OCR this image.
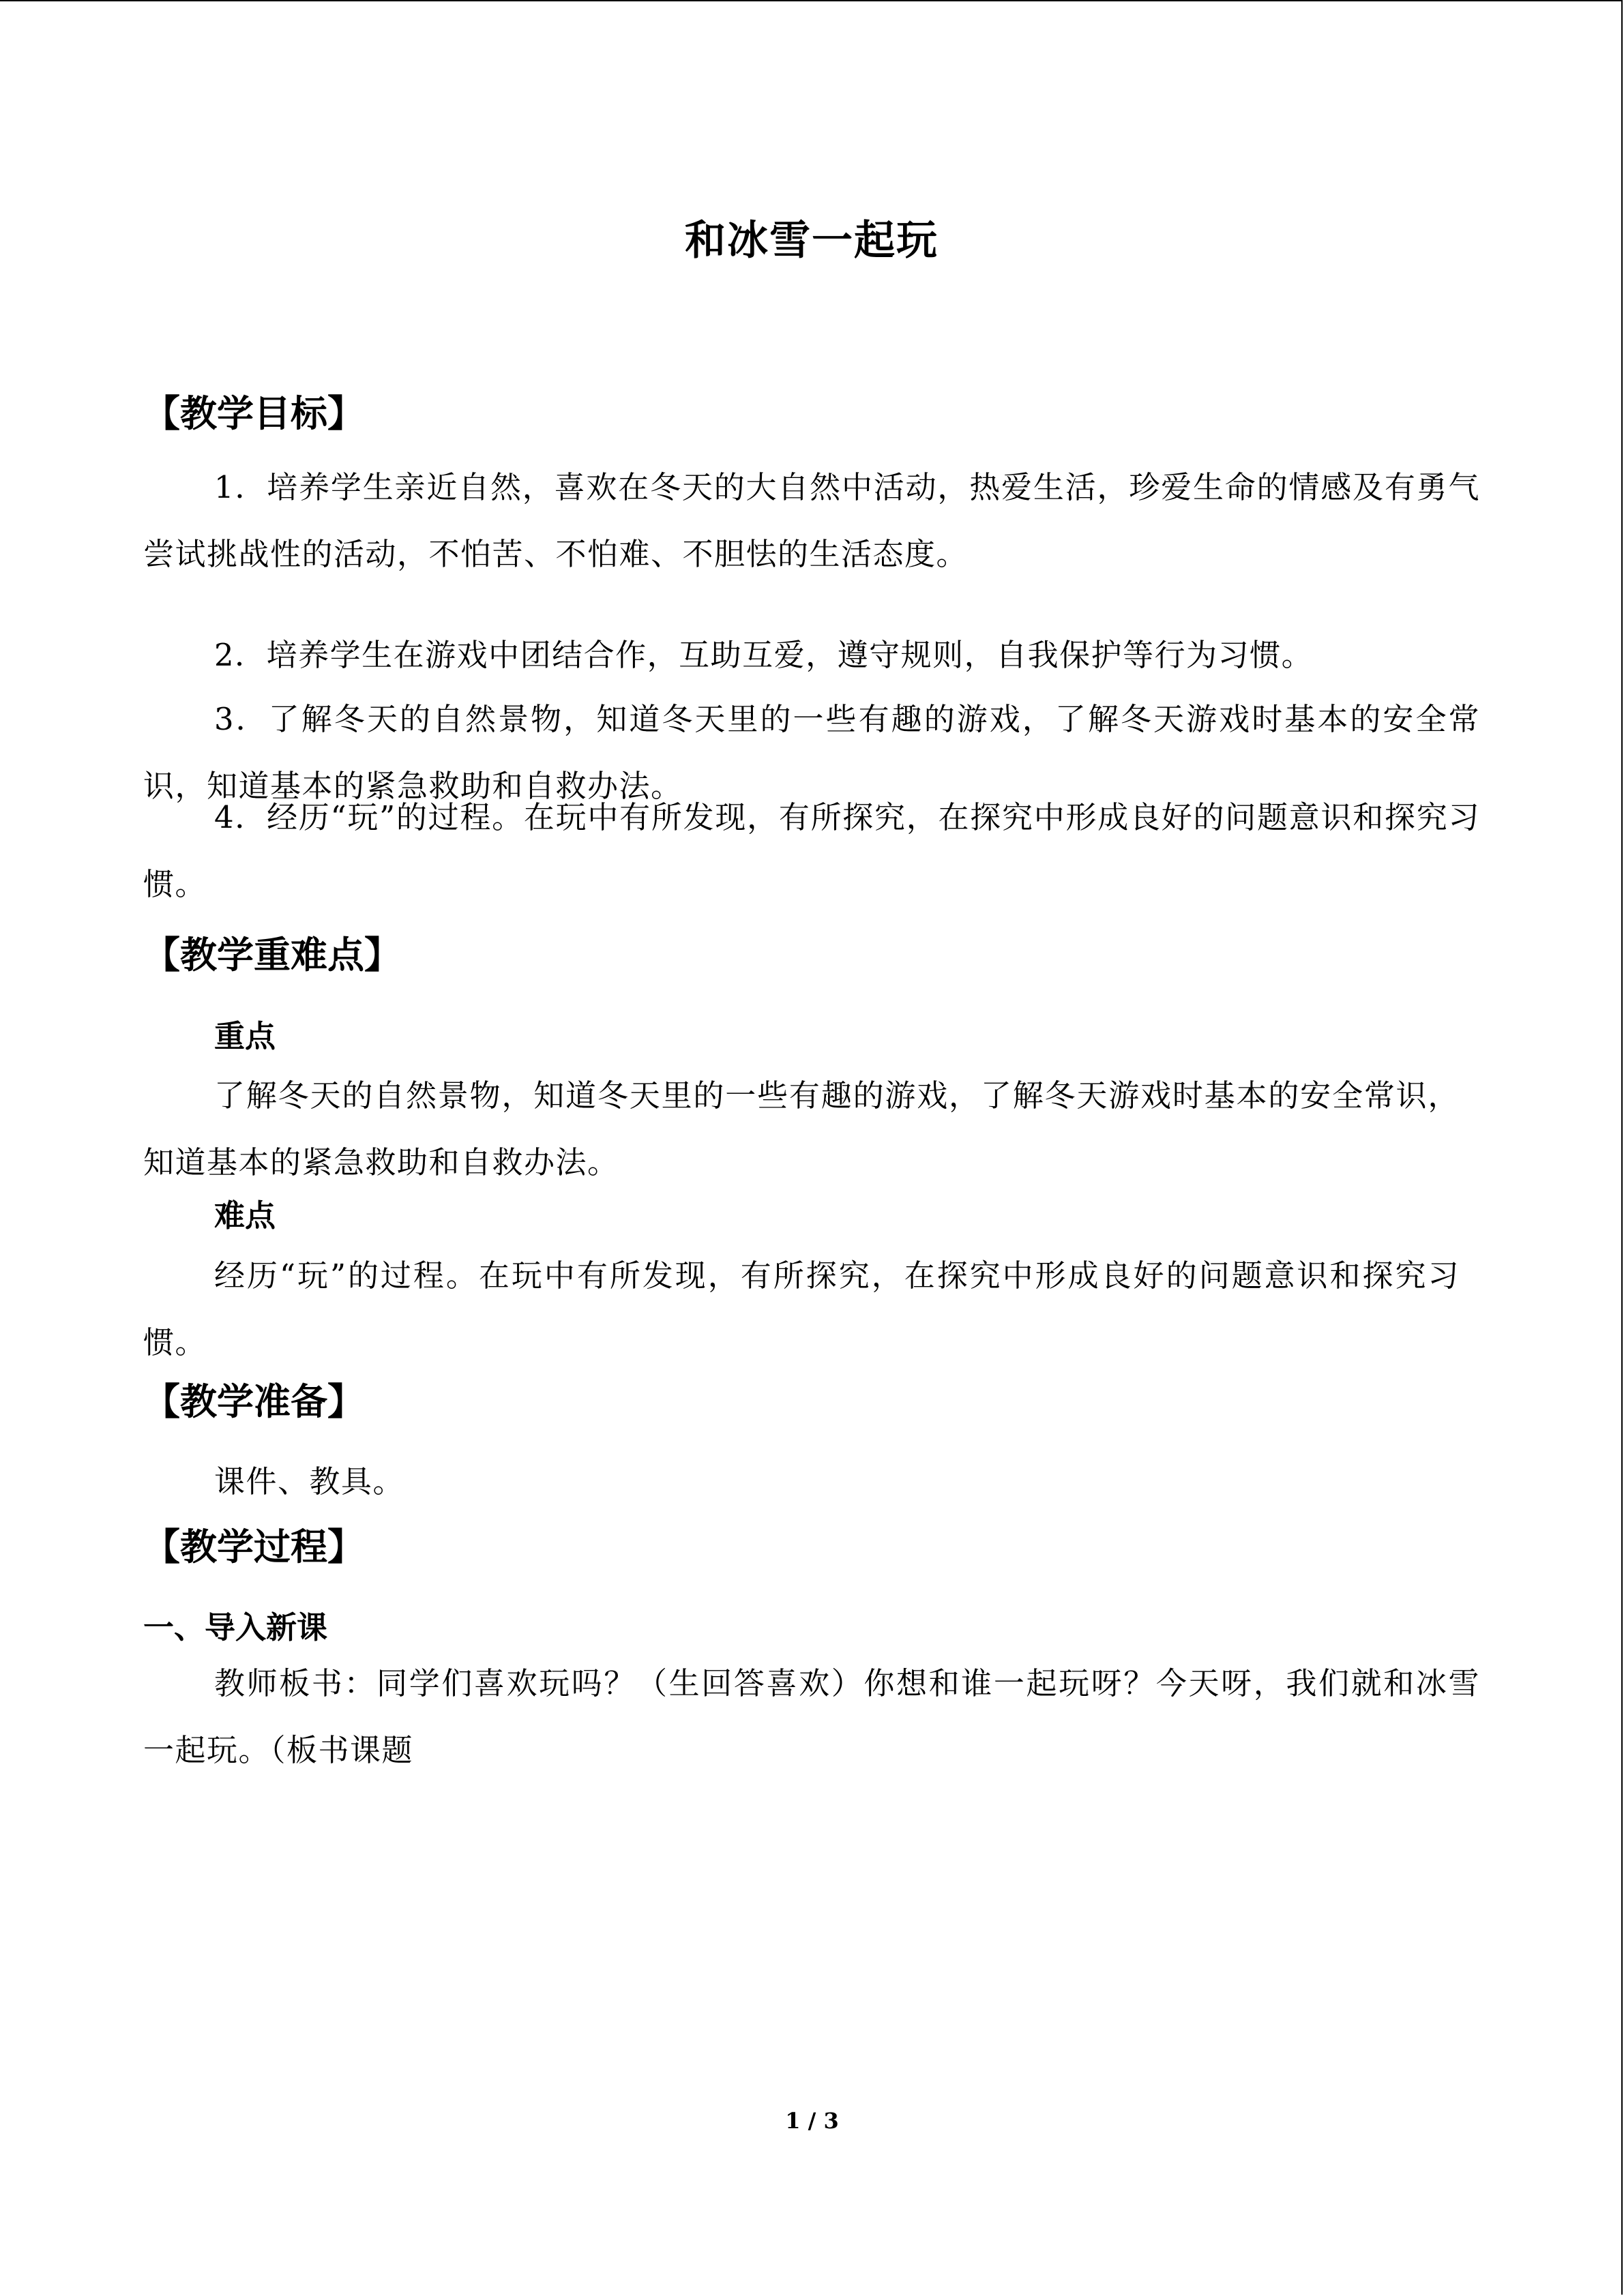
和冰雪一起玩
【教学目标】
1．培养学生亲近自然，喜欢在冬天的大自然中活动，热爱生活，珍爱生命的情感及有勇气尝试挑战性的活动，不怕苦、不怕难、不胆怯的生活态度。
2．培养学生在游戏中团结合作，互助互爱，遵守规则，自我保护等行为习惯。
3．了解冬天的自然景物，知道冬天里的一些有趣的游戏，了解冬天游戏时基本的安全常识，知道基本的紧急救助和自救办法。
4．经历“玩”的过程。在玩中有所发现，有所探究，在探究中形成良好的问题意识和探究习惯。
【教学重难点】
重点
了解冬天的自然景物，知道冬天里的一些有趣的游戏，了解冬天游戏时基本的安全常识，知道基本的紧急救助和自救办法。
难点
经历“玩”的过程。在玩中有所发现，有所探究，在探究中形成良好的问题意识和探究习惯。
【教学准备】
课件、教具。
【教学过程】
一、导入新课
教师板书：同学们喜欢玩吗？（生回答喜欢）你想和谁一起玩呀？今天呀，我们就和冰雪一起玩。（板书课题
1 / 3
